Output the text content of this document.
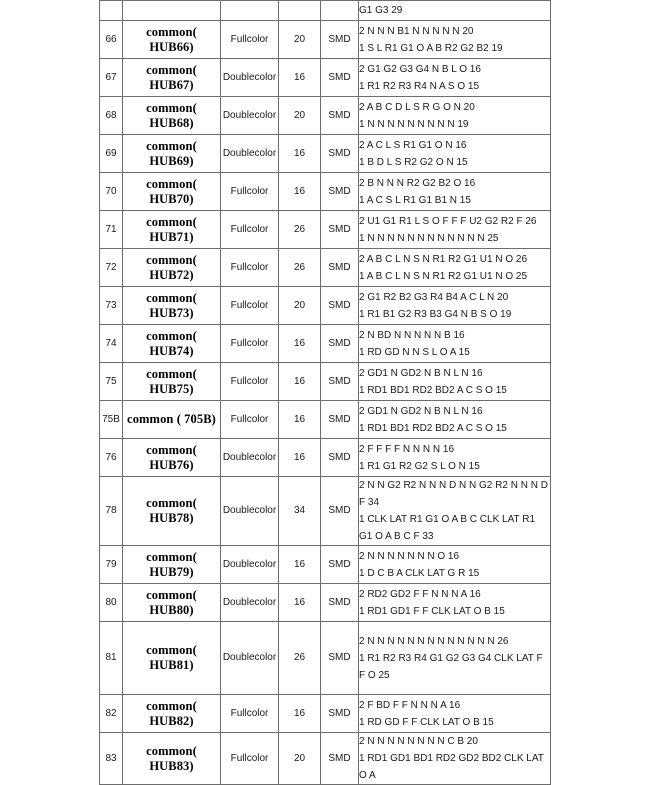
					G1 G3 29

66	common( HUB66)	Fullcolor	20	SMD	2 N N N B1 N N N N N 20
1 S L R1 G1 O A B R2 G2 B2 19

67	common( HUB67)	Doublecolor	16	SMD	2 G1 G2 G3 G4 N B L O 16
1 R1 R2 R3 R4 N A S O 15

68	common( HUB68)	Doublecolor	20	SMD	2 A B C D L S R G O N 20
1 N N N N N N N N N 19

69	common( HUB69)	Doublecolor	16	SMD	2 A C L S R1 G1 O N 16
1 B D L S R2 G2 O N 15

70	common( HUB70)	Fullcolor	16	SMD	2 B N N N R2 G2 B2 O 16
1 A C S L R1 G1 B1 N 15

71	common( HUB71)	Fullcolor	26	SMD	2 U1 G1 R1 L S O F F F U2 G2 R2 F 26
1 N N N N N N N N N N N N 25

72	common( HUB72)	Fullcolor	26	SMD	2 A B C L N S N R1 R2 G1 U1 N O 26
1 A B C L N S N R1 R2 G1 U1 N O 25

73	common( HUB73)	Fullcolor	20	SMD	2 G1 R2 B2 G3 R4 B4 A C L N 20
1 R1 B1 G2 R3 B3 G4 N B S O 19

74	common( HUB74)	Fullcolor	16	SMD	2 N BD N N N N N B 16
1 RD GD N N S L O A 15

75	common( HUB75)	Fullcolor	16	SMD	2 GD1 N GD2 N B N L N 16
1 RD1 BD1 RD2 BD2 A C S O 15

75B	common ( 705B)	Fullcolor	16	SMD	2 GD1 N GD2 N B N L N 16
1 RD1 BD1 RD2 BD2 A C S O 15

76	common( HUB76)	Doublecolor	16	SMD	2 F F F F N N N N 16
1 R1 G1 R2 G2 S L O N 15

78	common( HUB78)	Doublecolor	34	SMD	2 N N G2 R2 N N N D N N G2 R2 N N N D F 34
1 CLK LAT R1 G1 O A B C CLK LAT R1 G1 O A B C F 33

79	common( HUB79)	Doublecolor	16	SMD	2 N N N N N N N O 16
1 D C B A CLK LAT G R 15

80	common( HUB80)	Doublecolor	16	SMD	2 RD2 GD2 F F N N N A 16
1 RD1 GD1 F F CLK LAT O B 15

81	common( HUB81)	Doublecolor	26	SMD	2 N N N N N N N N N N N N N 26
1 R1 R2 R3 R4 G1 G2 G3 G4 CLK LAT F F O 25

82	common( HUB82)	Fullcolor	16	SMD	2 F BD F F N N N A 16
1 RD GD F F CLK LAT O B 15

83	common( HUB83)	Fullcolor	20	SMD	2 N N N N N N N N C B 20
1 RD1 GD1 BD1 RD2 GD2 BD2 CLK LAT O A
